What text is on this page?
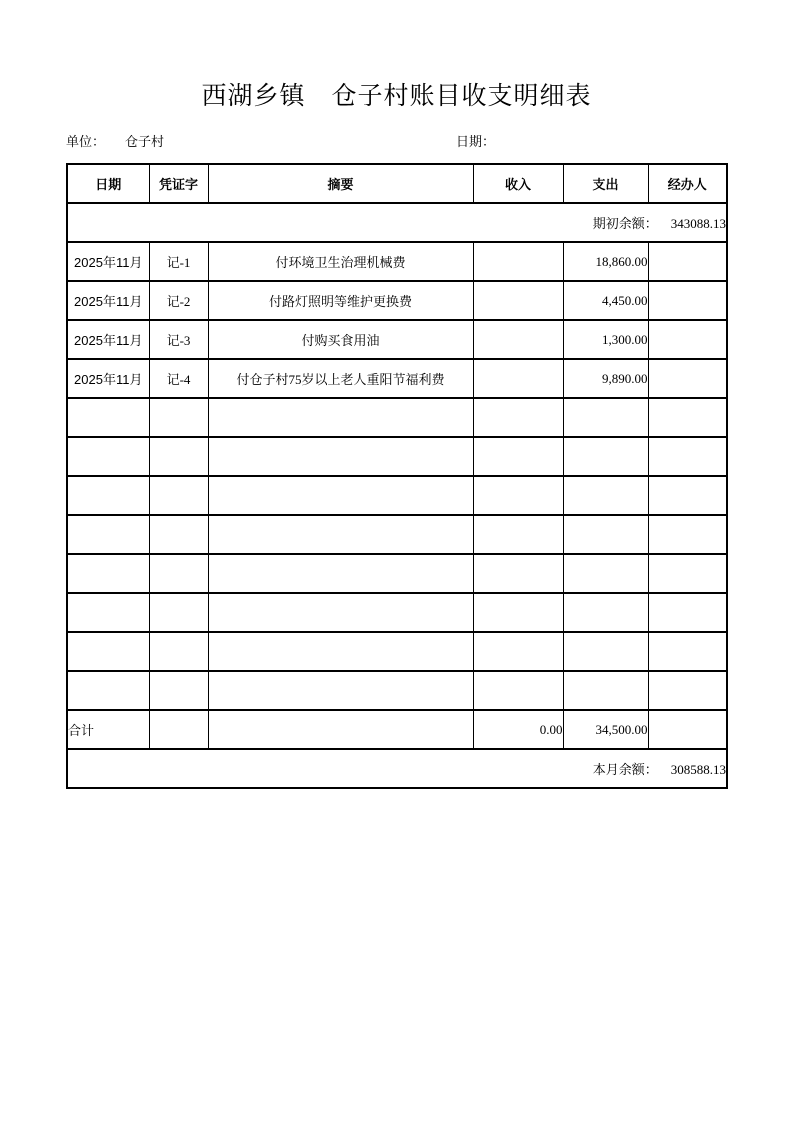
西湖乡镇　仓子村账目收支明细表
单位： 仓子村	日期：
日期	凭证字	摘要	收入	支出	经办人
期初余额： 343088.13					
2025年11月	记-1	付环境卫生治理机械费		18,860.00	
2025年11月	记-2	付路灯照明等维护更换费		4,450.00	
2025年11月	记-3	付购买食用油		1,300.00	
2025年11月	记-4	付仓子村75岁以上老人重阳节福利费		9,890.00	

合计			0.00	34,500.00	
本月余额： 308588.13					
